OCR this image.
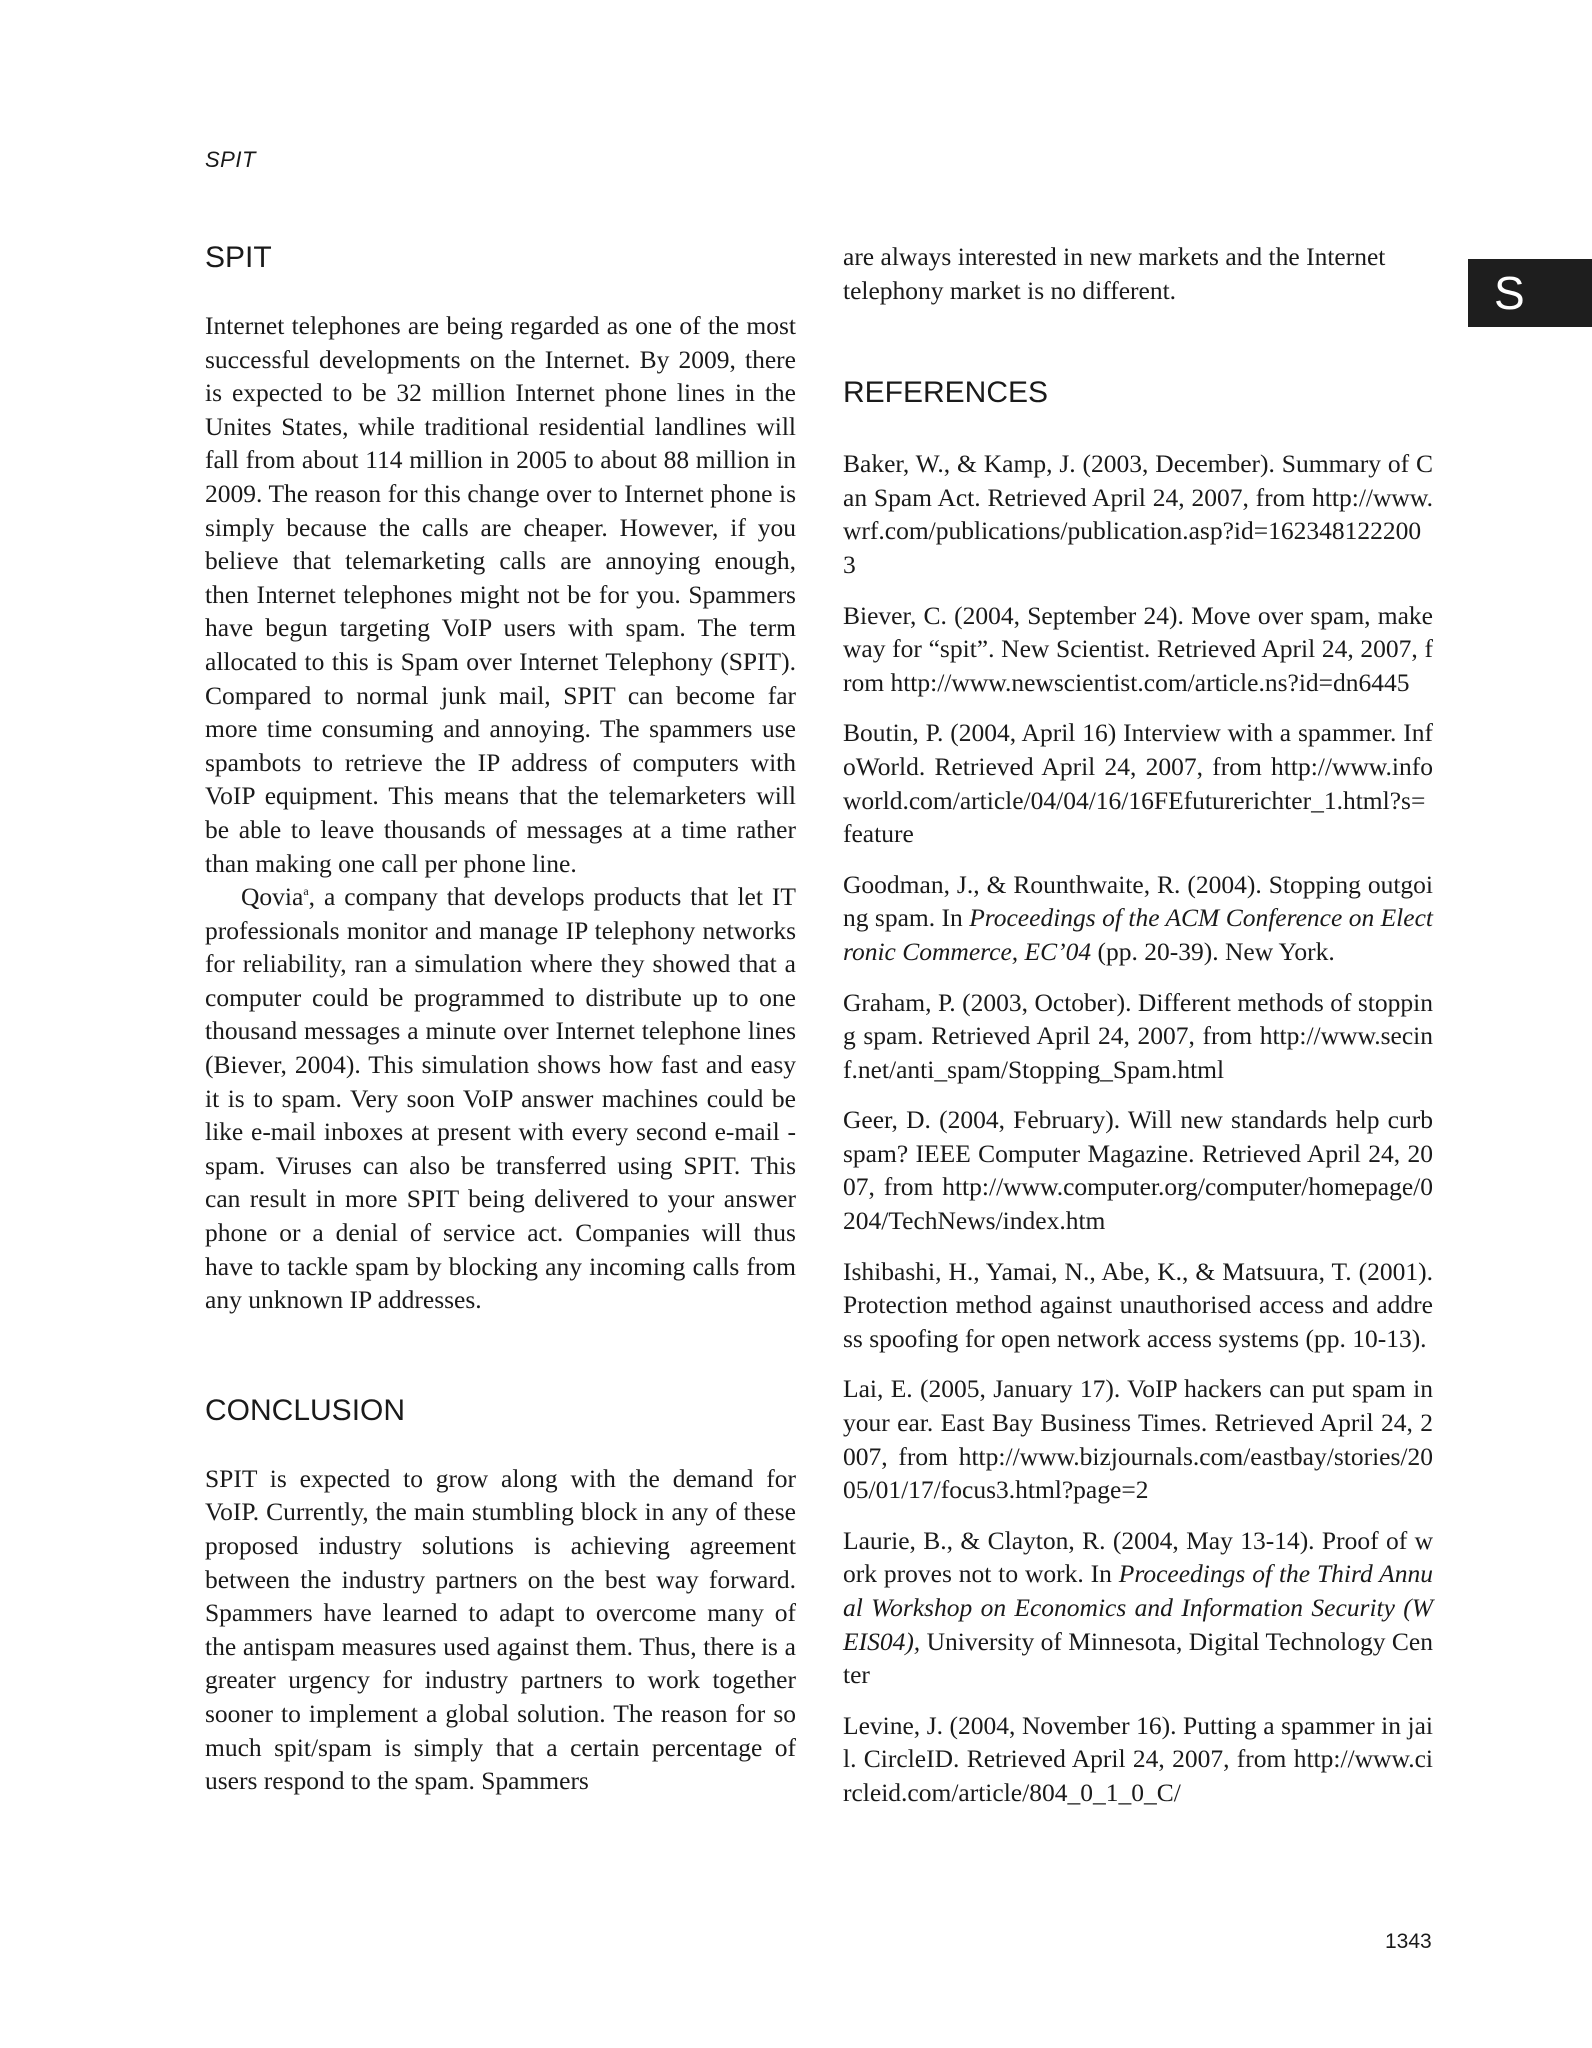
SPIT
S
SPIT

Internet telephones are being regarded as one of the most successful developments on the Internet. By 2009, there is expected to be 32 million Internet phone lines in the Unites States, while traditional residential landlines will fall from about 114 million in 2005 to about 88 million in 2009. The reason for this change over to Internet phone is simply because the calls are cheaper. However, if you believe that telemarketing calls are annoying enough, then Internet telephones might not be for you. Spammers have begun targeting VoIP users with spam. The term allocated to this is Spam over Internet Telephony (SPIT). Compared to normal junk mail, SPIT can become far more time consuming and annoying. The spammers use spambots to retrieve the IP address of computers with VoIP equipment. This means that the telemarketers will be able to leave thousands of messages at a time rather than making one call per phone line.

Qovia$^a$, a company that develops products that let IT professionals monitor and manage IP telephony networks for reliability, ran a simulation where they showed that a computer could be programmed to distribute up to one thousand messages a minute over Internet telephone lines (Biever, 2004). This simulation shows how fast and easy it is to spam. Very soon VoIP answer machines could be like e-mail inboxes at present with every second e-mail - spam. Viruses can also be transferred using SPIT. This can result in more SPIT being delivered to your answer phone or a denial of service act. Companies will thus have to tackle spam by blocking any incoming calls from any unknown IP addresses.

CONCLUSION

SPIT is expected to grow along with the demand for VoIP. Currently, the main stumbling block in any of these proposed industry solutions is achieving agreement between the industry partners on the best way forward. Spammers have learned to adapt to overcome many of the antispam measures used against them. Thus, there is a greater urgency for industry partners to work together sooner to implement a global solution. The reason for so much spit/spam is simply that a certain percentage of users respond to the spam. Spammers

are always interested in new markets and the Internet telephony market is no different.

REFERENCES

Baker, W., & Kamp, J. (2003, December). Summary of Can Spam Act. Retrieved April 24, 2007, from http://www.wrf.com/publications/publication.asp?id=1623481222003

Biever, C. (2004, September 24). Move over spam, make way for “spit”. New Scientist. Retrieved April 24, 2007, from http://www.newscientist.com/article.ns?id=dn6445

Boutin, P. (2004, April 16) Interview with a spammer. InfoWorld. Retrieved April 24, 2007, from http://www.infoworld.com/article/04/04/16/16FEfuturerichter_1.html?s=feature

Goodman, J., & Rounthwaite, R. (2004). Stopping outgoing spam. In Proceedings of the ACM Conference on Electronic Commerce, EC’04 (pp. 20-39). New York.

Graham, P. (2003, October). Different methods of stopping spam. Retrieved April 24, 2007, from http://www.secinf.net/anti_spam/Stopping_Spam.html

Geer, D. (2004, February). Will new standards help curb spam? IEEE Computer Magazine. Retrieved April 24, 2007, from http://www.computer.org/computer/homepage/0204/TechNews/index.htm

Ishibashi, H., Yamai, N., Abe, K., & Matsuura, T. (2001). Protection method against unauthorised access and address spoofing for open network access systems (pp. 10-13).

Lai, E. (2005, January 17). VoIP hackers can put spam in your ear. East Bay Business Times. Retrieved April 24, 2007, from http://www.bizjournals.com/eastbay/stories/2005/01/17/focus3.html?page=2

Laurie, B., & Clayton, R. (2004, May 13-14). Proof of work proves not to work. In Proceedings of the Third Annual Workshop on Economics and Information Security (WEIS04), University of Minnesota, Digital Technology Center

Levine, J. (2004, November 16). Putting a spammer in jail. CircleID. Retrieved April 24, 2007, from http://www.circleid.com/article/804_0_1_0_C/

1343
